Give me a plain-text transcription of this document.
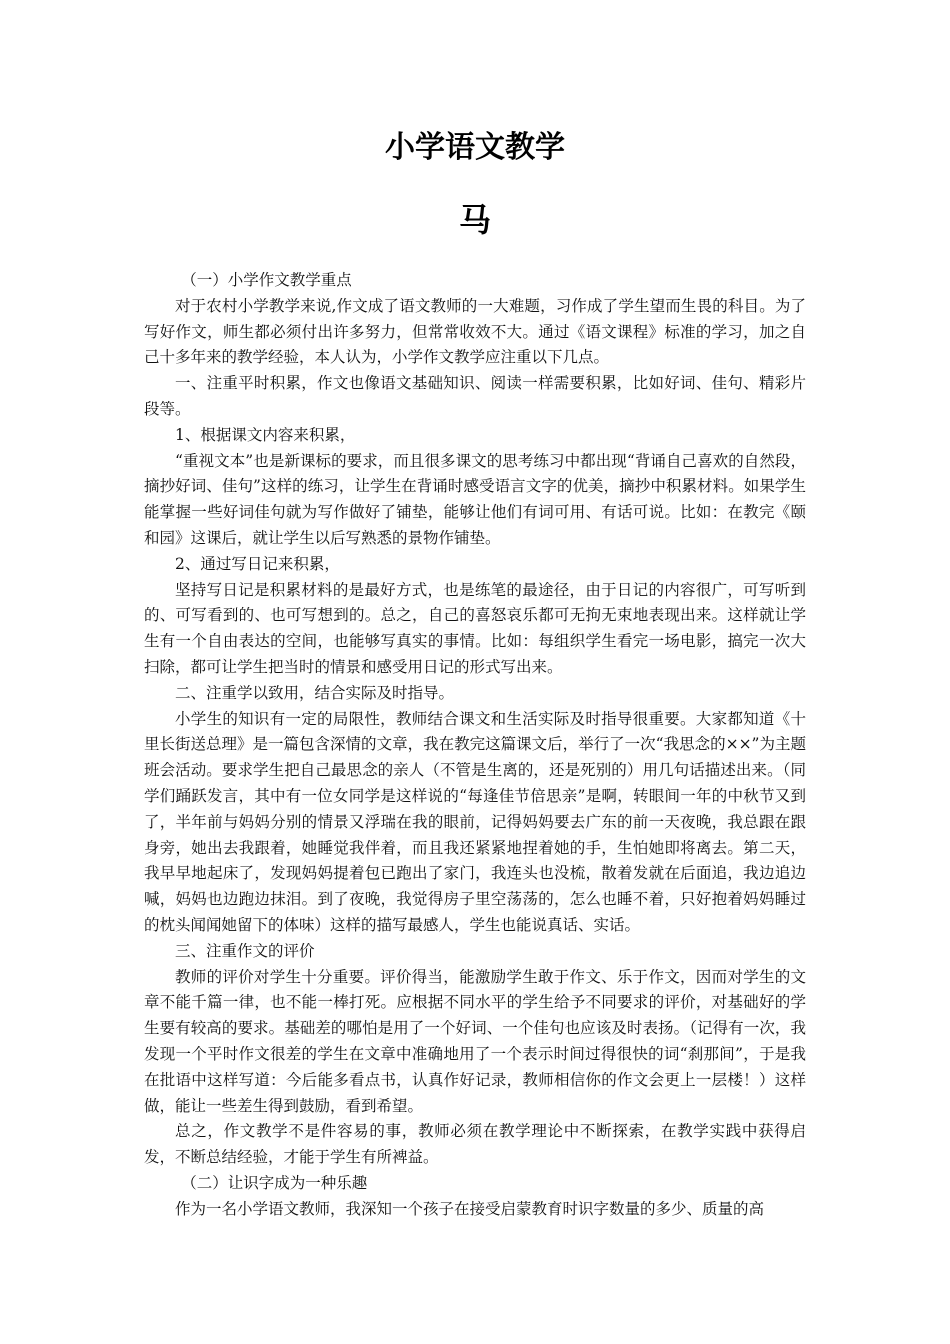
小学语文教学
马

（一）小学作文教学重点

对于农村小学教学来说,作文成了语文教师的一大难题，习作成了学生望而生畏的科目。为了写好作文，师生都必须付出许多努力，但常常收效不大。通过《语文课程》标准的学习，加之自己十多年来的教学经验，本人认为，小学作文教学应注重以下几点。

一、注重平时积累，作文也像语文基础知识、阅读一样需要积累，比如好词、佳句、精彩片段等。

1、根据课文内容来积累，

“重视文本”也是新课标的要求，而且很多课文的思考练习中都出现“背诵自己喜欢的自然段，摘抄好词、佳句”这样的练习，让学生在背诵时感受语言文字的优美，摘抄中积累材料。如果学生能掌握一些好词佳句就为写作做好了铺垫，能够让他们有词可用、有话可说。比如：在教完《颐和园》这课后，就让学生以后写熟悉的景物作铺垫。

2、通过写日记来积累，

坚持写日记是积累材料的是最好方式，也是练笔的最途径，由于日记的内容很广，可写听到的、可写看到的、也可写想到的。总之，自己的喜怒哀乐都可无拘无束地表现出来。这样就让学生有一个自由表达的空间，也能够写真实的事情。比如：每组织学生看完一场电影，搞完一次大扫除，都可让学生把当时的情景和感受用日记的形式写出来。

二、注重学以致用，结合实际及时指导。

小学生的知识有一定的局限性，教师结合课文和生活实际及时指导很重要。大家都知道《十里长街送总理》是一篇包含深情的文章，我在教完这篇课文后，举行了一次“我思念的××”为主题班会活动。要求学生把自己最思念的亲人（不管是生离的，还是死别的）用几句话描述出来。（同学们踊跃发言，其中有一位女同学是这样说的“每逢佳节倍思亲”是啊，转眼间一年的中秋节又到了，半年前与妈妈分别的情景又浮瑞在我的眼前，记得妈妈要去广东的前一天夜晚，我总跟在跟身旁，她出去我跟着，她睡觉我伴着，而且我还紧紧地捏着她的手，生怕她即将离去。第二天，我早早地起床了，发现妈妈提着包已跑出了家门，我连头也没梳，散着发就在后面追，我边追边喊，妈妈也边跑边抹泪。到了夜晚，我觉得房子里空荡荡的，怎么也睡不着，只好抱着妈妈睡过的枕头闻闻她留下的体味）这样的描写最感人，学生也能说真话、实话。

三、注重作文的评价

教师的评价对学生十分重要。评价得当，能激励学生敢于作文、乐于作文，因而对学生的文章不能千篇一律，也不能一棒打死。应根据不同水平的学生给予不同要求的评价，对基础好的学生要有较高的要求。基础差的哪怕是用了一个好词、一个佳句也应该及时表扬。（记得有一次，我发现一个平时作文很差的学生在文章中准确地用了一个表示时间过得很快的词“刹那间”，于是我在批语中这样写道：今后能多看点书，认真作好记录，教师相信你的作文会更上一层楼！）这样做，能让一些差生得到鼓励，看到希望。

总之，作文教学不是件容易的事，教师必须在教学理论中不断探索，在教学实践中获得启发，不断总结经验，才能于学生有所裨益。

（二）让识字成为一种乐趣

作为一名小学语文教师，我深知一个孩子在接受启蒙教育时识字数量的多少、质量的高
